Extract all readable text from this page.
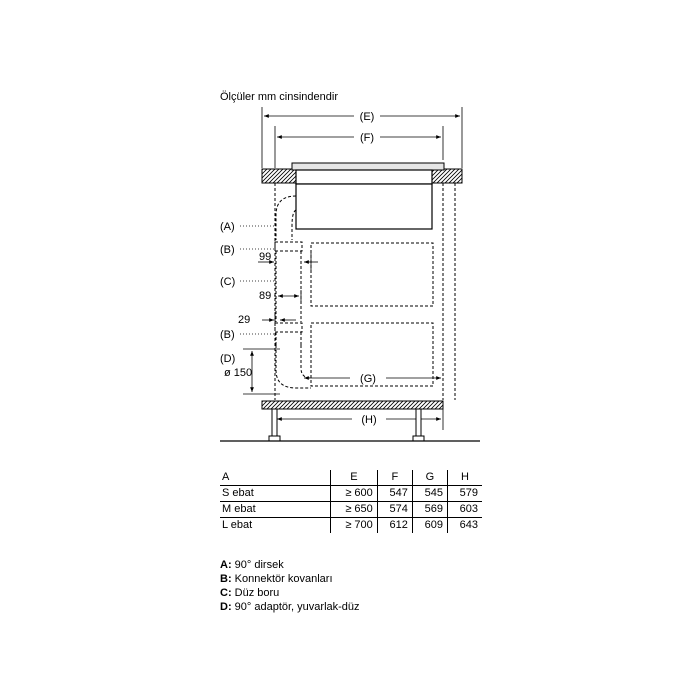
Ölçüler mm cinsindendir
(E)
(F)
(A)
(B)
(C)
(B)
(D)
99
89
29
ø 150	(G)
(H)
A	E	F	G	H
S ebat	≥ 600	547	545	579
M ebat	≥ 650	574	569	603
L ebat	≥ 700	612	609	643
A: 90° dirsek
B: Konnektör kovanları
C: Düz boru
D: 90° adaptör, yuvarlak-düz
